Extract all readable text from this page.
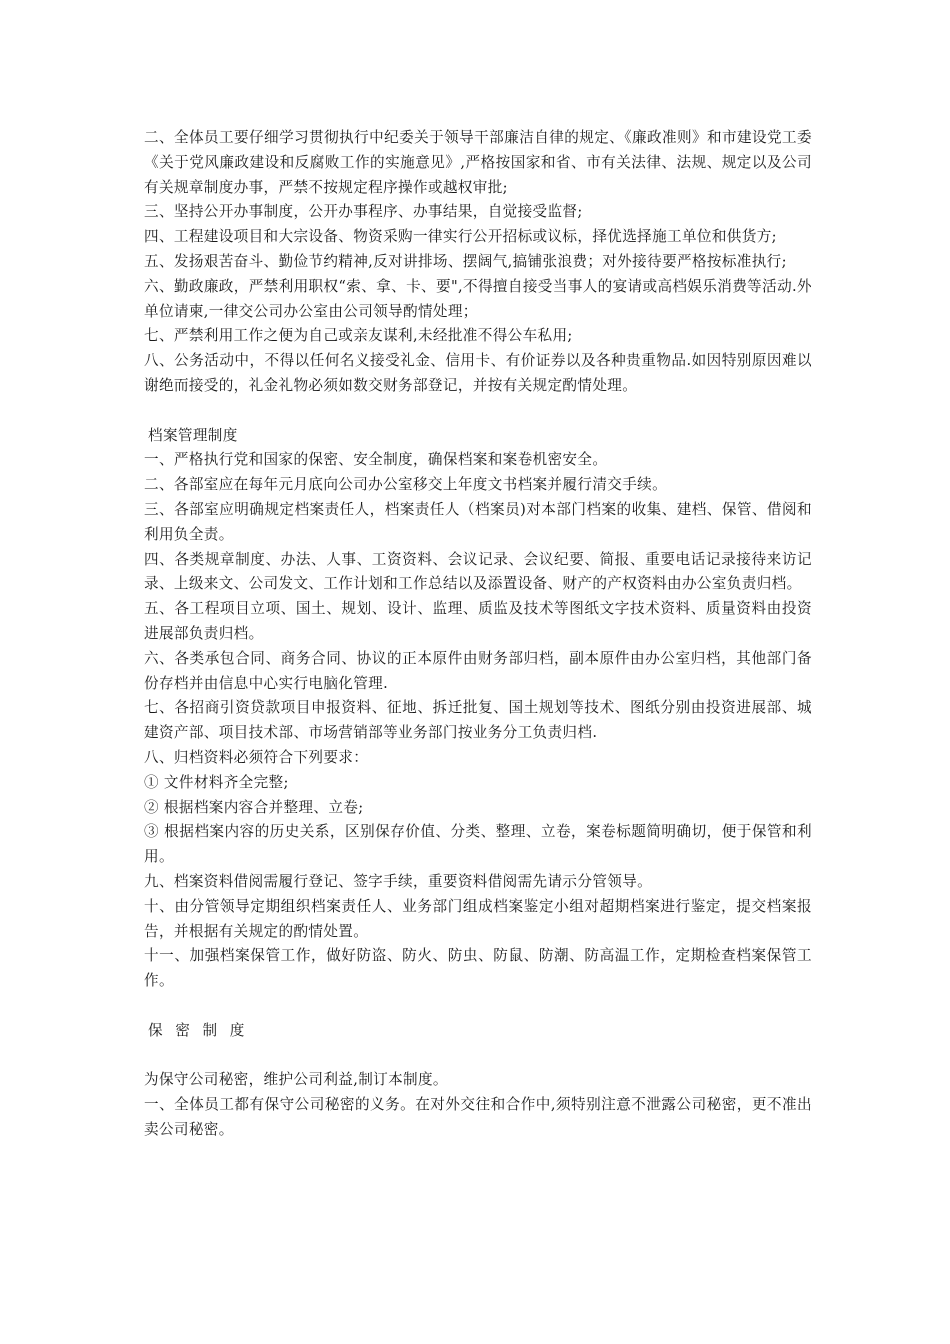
二、全体员工要仔细学习贯彻执行中纪委关于领导干部廉洁自律的规定、《廉政准则》和市建设党工委《关于党风廉政建设和反腐败工作的实施意见》,严格按国家和省、市有关法律、法规、规定以及公司有关规章制度办事，严禁不按规定程序操作或越权审批;

三、坚持公开办事制度，公开办事程序、办事结果，自觉接受监督;

四、工程建设项目和大宗设备、物资采购一律实行公开招标或议标，择优选择施工单位和供货方;

五、发扬艰苦奋斗、勤俭节约精神,反对讲排场、摆阔气,搞铺张浪费；对外接待要严格按标准执行;

六、勤政廉政，严禁利用职权“索、拿、卡、要",不得擅自接受当事人的宴请或高档娱乐消费等活动.外单位请柬,一律交公司办公室由公司领导酌情处理；

七、严禁利用工作之便为自己或亲友谋利,未经批准不得公车私用;

八、公务活动中，不得以任何名义接受礼金、信用卡、有价证券以及各种贵重物品.如因特别原因难以谢绝而接受的，礼金礼物必须如数交财务部登记，并按有关规定酌情处理。

档案管理制度

一、严格执行党和国家的保密、安全制度，确保档案和案卷机密安全。

二、各部室应在每年元月底向公司办公室移交上年度文书档案并履行清交手续。

三、各部室应明确规定档案责任人，档案责任人（档案员)对本部门档案的收集、建档、保管、借阅和利用负全责。

四、各类规章制度、办法、人事、工资资料、会议记录、会议纪要、简报、重要电话记录接待来访记录、上级来文、公司发文、工作计划和工作总结以及添置设备、财产的产权资料由办公室负责归档。

五、各工程项目立项、国土、规划、设计、监理、质监及技术等图纸文字技术资料、质量资料由投资进展部负责归档。

六、各类承包合同、商务合同、协议的正本原件由财务部归档，副本原件由办公室归档，其他部门备份存档并由信息中心实行电脑化管理.

七、各招商引资贷款项目申报资料、征地、拆迁批复、国土规划等技术、图纸分别由投资进展部、城建资产部、项目技术部、市场营销部等业务部门按业务分工负责归档.

八、归档资料必须符合下列要求：

① 文件材料齐全完整;

② 根据档案内容合并整理、立卷;

③ 根据档案内容的历史关系，区别保存价值、分类、整理、立卷，案卷标题简明确切，便于保管和利用。

九、档案资料借阅需履行登记、签字手续，重要资料借阅需先请示分管领导。

十、由分管领导定期组织档案责任人、业务部门组成档案鉴定小组对超期档案进行鉴定，提交档案报告，并根据有关规定的酌情处置。

十一、加强档案保管工作，做好防盗、防火、防虫、防鼠、防潮、防高温工作，定期检查档案保管工作。

保 密 制 度

为保守公司秘密，维护公司利益,制订本制度。

一、全体员工都有保守公司秘密的义务。在对外交往和合作中,须特别注意不泄露公司秘密，更不准出卖公司秘密。
